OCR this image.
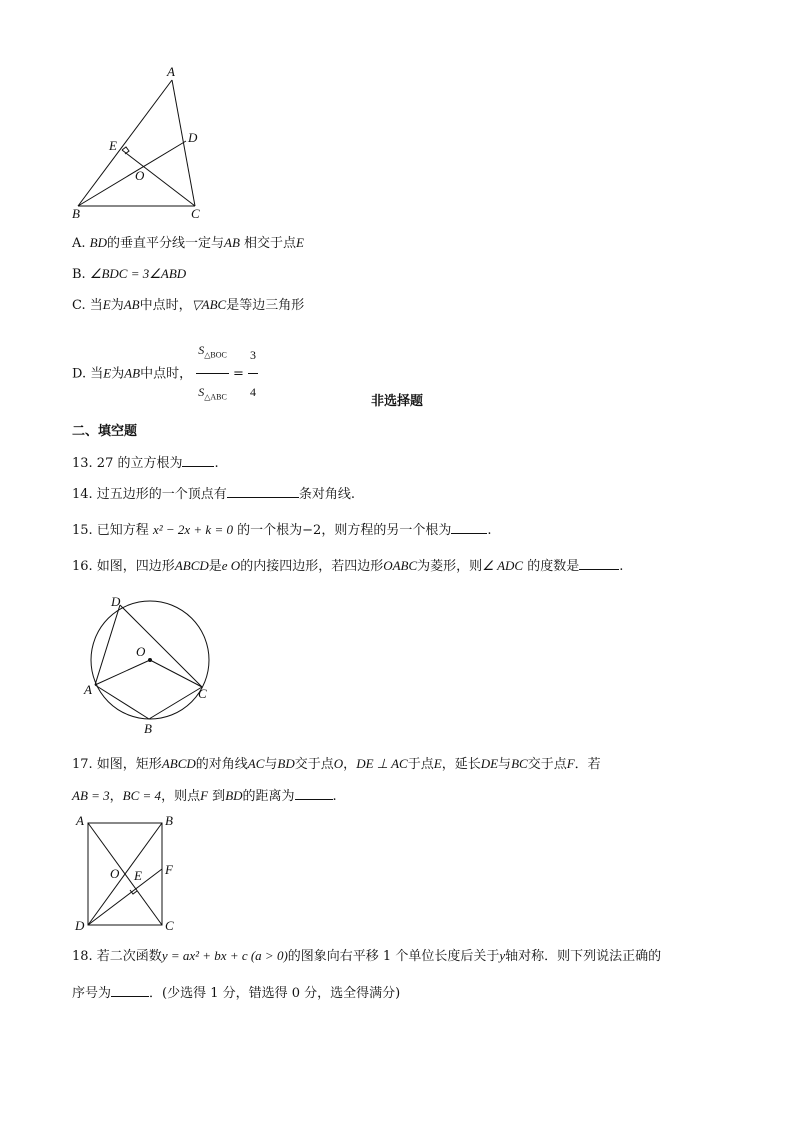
A
D
E
O
B	C
A. BD的垂直平分线一定与AB 相交于点E
B. ∠BDC = 3∠ABD
C. 当E为AB中点时，▽ABC是等边三角形
D. 当E为AB中点时， $\frac{S_{\triangle BOC}}{S_{\triangle ABC}} = \frac{3}{4}$	非选择题
二、填空题
13. 27 的立方根为 .
14. 过五边形的一个顶点有	条对角线.
15. 已知方程 x² − 2x + k = 0 的一个根为−2，则方程的另一个根为	.
16. 如图，四边形ABCD是e O的内接四边形，若四边形OABC为菱形，则∠ ADC 的度数是	.
D
O
A	C
B
17. 如图，矩形ABCD的对角线AC与BD交于点O，DE ⊥ AC于点E，延长DE与BC交于点F．若
AB = 3，BC = 4，则点F 到BD的距离为	.
A	B
O E F
D	C
18. 若二次函数y = ax² + bx + c (a > 0)的图象向右平移 1 个单位长度后关于y轴对称．则下列说法正确的
序号为	．(少选得 1 分，错选得 0 分，选全得满分)
